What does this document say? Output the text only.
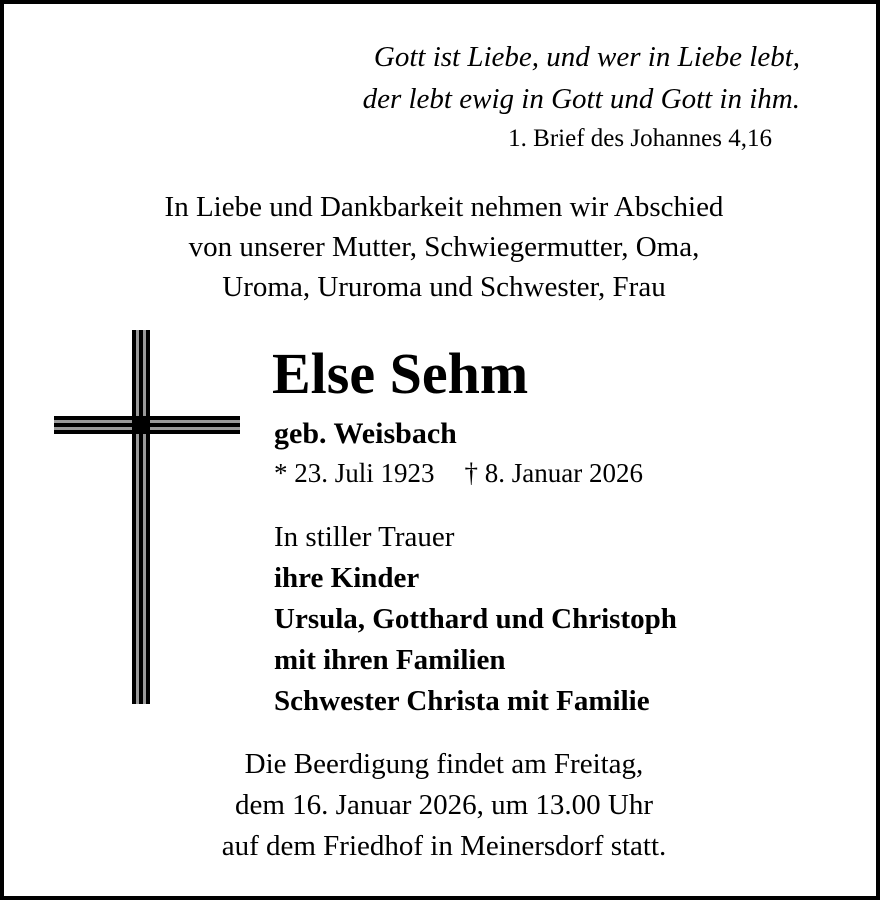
Gott ist Liebe, und wer in Liebe lebt,
der lebt ewig in Gott und Gott in ihm.
1. Brief des Johannes 4,16
In Liebe und Dankbarkeit nehmen wir Abschied
von unserer Mutter, Schwiegermutter, Oma,
Uroma, Ururoma und Schwester, Frau
Else Sehm
geb. Weisbach
* 23. Juli 1923 † 8. Januar 2026
In stiller Trauer
ihre Kinder
Ursula, Gotthard und Christoph
mit ihren Familien
Schwester Christa mit Familie
Die Beerdigung findet am Freitag,
dem 16. Januar 2026, um 13.00 Uhr
auf dem Friedhof in Meinersdorf statt.
